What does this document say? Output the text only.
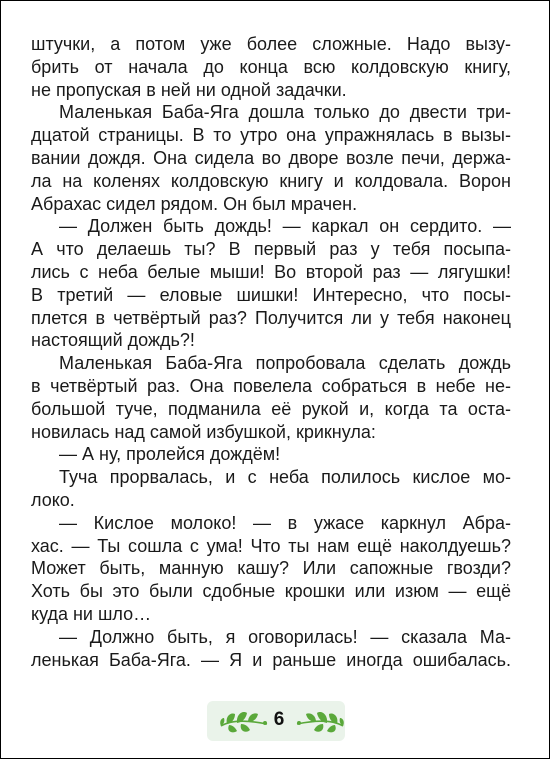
штучки, а потом уже более сложные. Надо вызу-
брить от начала до конца всю колдовскую книгу,
не пропуская в ней ни одной задачки.
Маленькая Баба-Яга дошла только до двести три-
дцатой страницы. В то утро она упражнялась в вызы-
вании дождя. Она сидела во дворе возле печи, держа-
ла на коленях колдовскую книгу и колдовала. Ворон
Абрахас сидел рядом. Он был мрачен.
— Должен быть дождь! — каркал он сердито. —
А что делаешь ты? В первый раз у тебя посыпа-
лись с неба белые мыши! Во второй раз — лягушки!
В третий — еловые шишки! Интересно, что посы-
плется в четвёртый раз? Получится ли у тебя наконец
настоящий дождь?!
Маленькая Баба-Яга попробовала сделать дождь
в четвёртый раз. Она повелела собраться в небе не-
большой туче, подманила её рукой и, когда та оста-
новилась над самой избушкой, крикнула:
— А ну, пролейся дождём!
Туча прорвалась, и с неба полилось кислое мо-
локо.
— Кислое молоко! — в ужасе каркнул Абра-
хас. — Ты сошла с ума! Что ты нам ещё наколдуешь?
Может быть, манную кашу? Или сапожные гвозди?
Хоть бы это были сдобные крошки или изюм — ещё
куда ни шло…
— Должно быть, я оговорилась! — сказала Ма-
ленькая Баба-Яга. — Я и раньше иногда ошибалась.
6
